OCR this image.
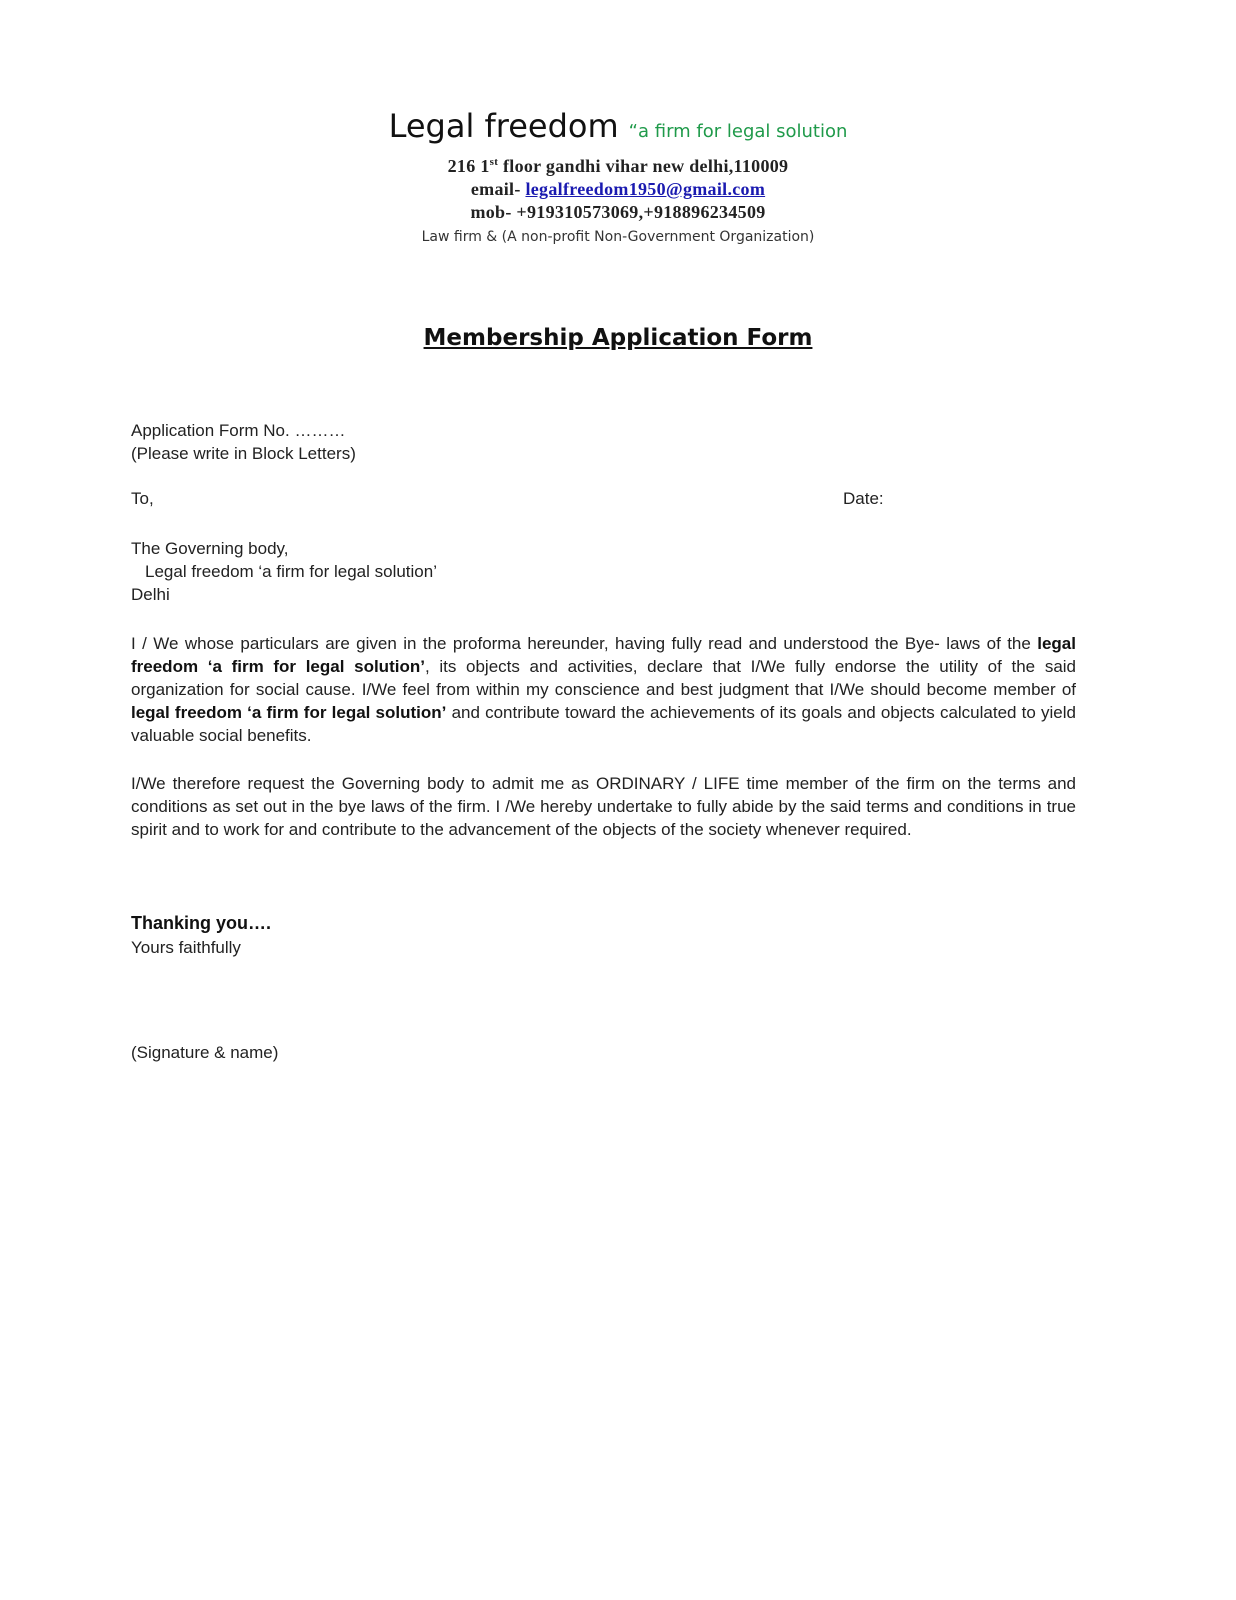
Legal freedom “a firm for legal solution
216 1st floor gandhi vihar new delhi,110009
email- legalfreedom1950@gmail.com
mob- +919310573069,+918896234509
Law firm & (A non-profit Non-Government Organization)
Membership Application Form
Application Form No. ………
(Please write in Block Letters)
To,	Date:
The Governing body,
Legal freedom ‘a firm for legal solution’
Delhi
I / We whose particulars are given in the proforma hereunder, having fully read and understood the Bye- laws of the legal freedom ‘a firm for legal solution’, its objects and activities, declare that I/We fully endorse the utility of the said organization for social cause. I/We feel from within my conscience and best judgment that I/We should become member of legal freedom ‘a firm for legal solution’ and contribute toward the achievements of its goals and objects calculated to yield valuable social benefits.
I/We therefore request the Governing body to admit me as ORDINARY / LIFE time member of the firm on the terms and conditions as set out in the bye laws of the firm. I /We hereby undertake to fully abide by the said terms and conditions in true spirit and to work for and contribute to the advancement of the objects of the society whenever required.
Thanking you….
Yours faithfully
(Signature & name)
